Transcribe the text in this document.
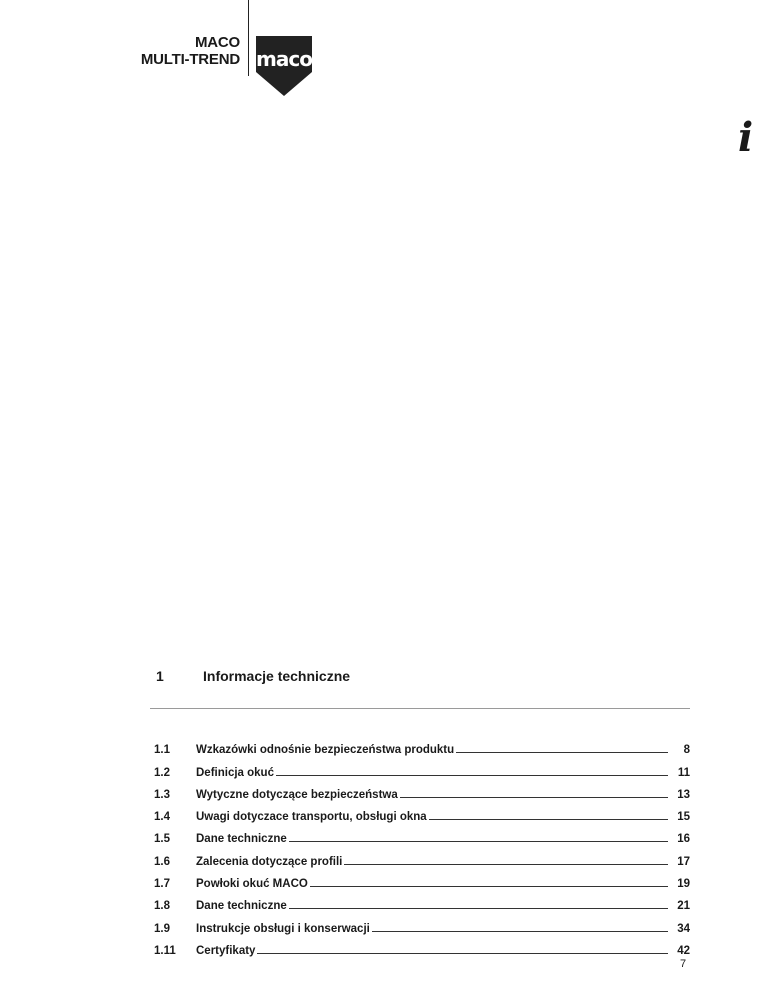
MACO
MULTI-TREND maco
i
1	Informacje techniczne
1.1	Wzkazówki odnośnie bezpieczeństwa produktu	8
1.2	Definicja okuć	11
1.3	Wytyczne dotyczące bezpieczeństwa	13
1.4	Uwagi dotyczace transportu, obsługi okna	15
1.5	Dane techniczne	16
1.6	Zalecenia dotyczące profili	17
1.7	Powłoki okuć MACO	19
1.8	Dane techniczne	21
1.9	Instrukcje obsługi i konserwacji	34
1.11	Certyfikaty	42
7
